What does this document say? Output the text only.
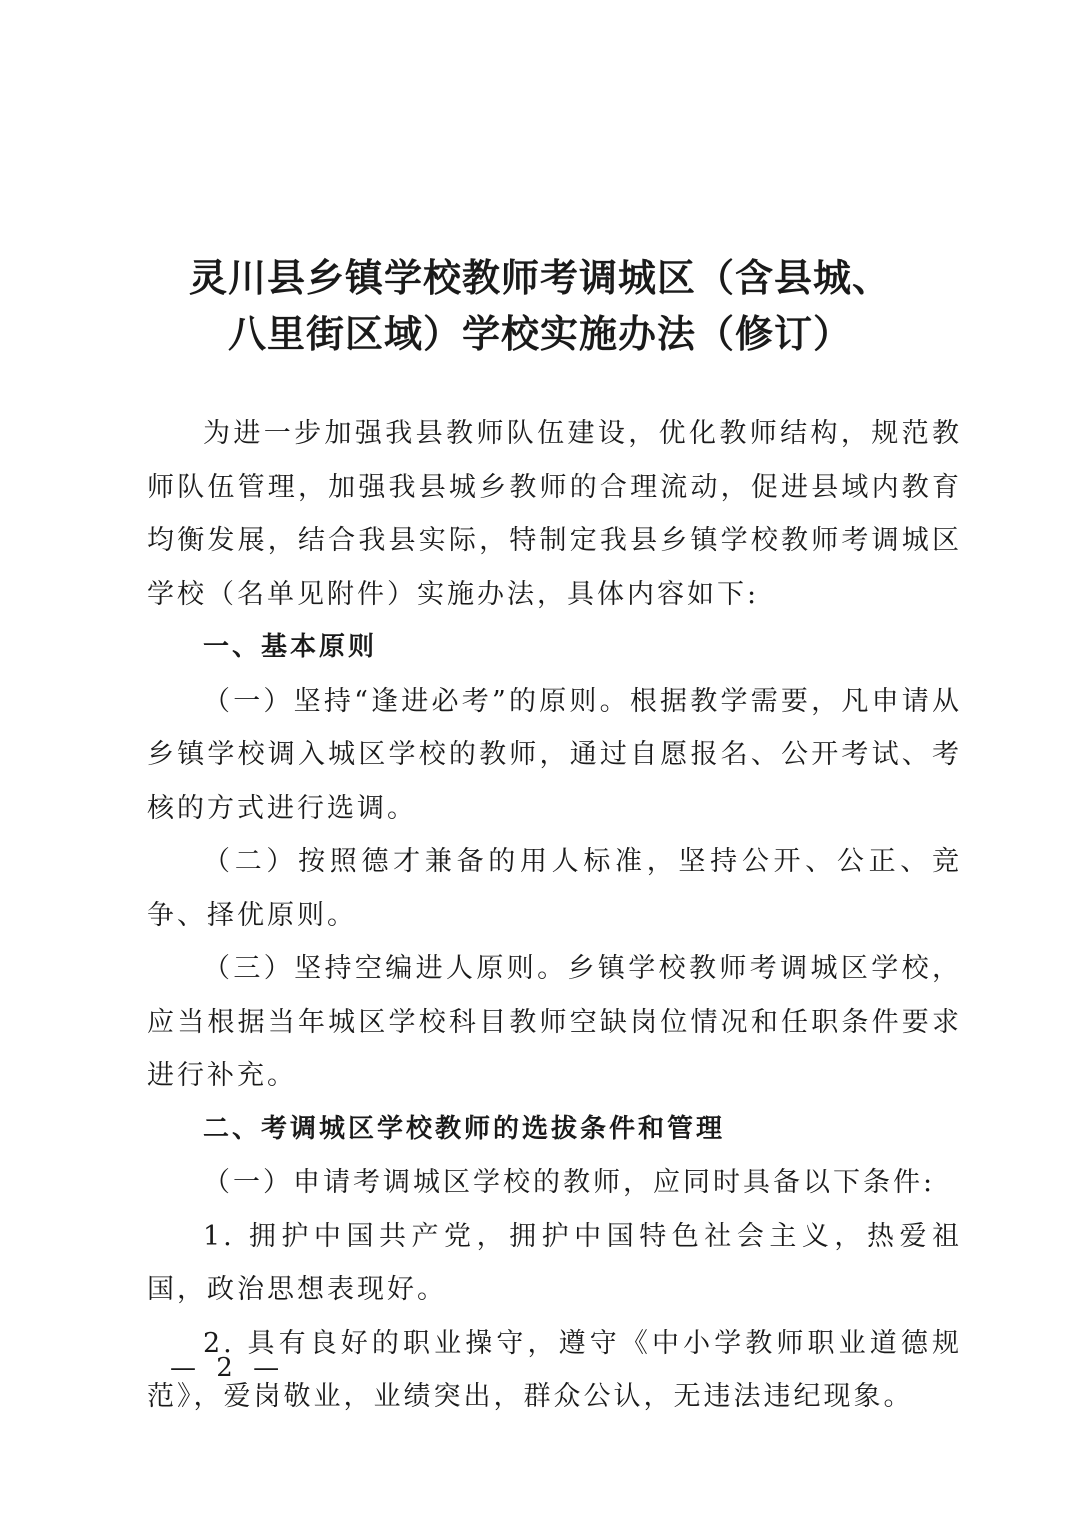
灵川县乡镇学校教师考调城区（含县城、
八里街区域）学校实施办法（修订）

为进一步加强我县教师队伍建设，优化教师结构，规范教师队伍管理，加强我县城乡教师的合理流动，促进县域内教育均衡发展，结合我县实际，特制定我县乡镇学校教师考调城区学校（名单见附件）实施办法，具体内容如下:

一、基本原则

（一）坚持“逢进必考”的原则。根据教学需要，凡申请从乡镇学校调入城区学校的教师，通过自愿报名、公开考试、考核的方式进行选调。

（二）按照德才兼备的用人标准，坚持公开、公正、竞争、择优原则。

（三）坚持空编进人原则。乡镇学校教师考调城区学校，应当根据当年城区学校科目教师空缺岗位情况和任职条件要求进行补充。

二、考调城区学校教师的选拔条件和管理

（一）申请考调城区学校的教师，应同时具备以下条件:

1. 拥护中国共产党，拥护中国特色社会主义，热爱祖国，政治思想表现好。

2. 具有良好的职业操守，遵守《中小学教师职业道德规范》，爱岗敬业，业绩突出，群众公认，无违法违纪现象。

— 2 —
